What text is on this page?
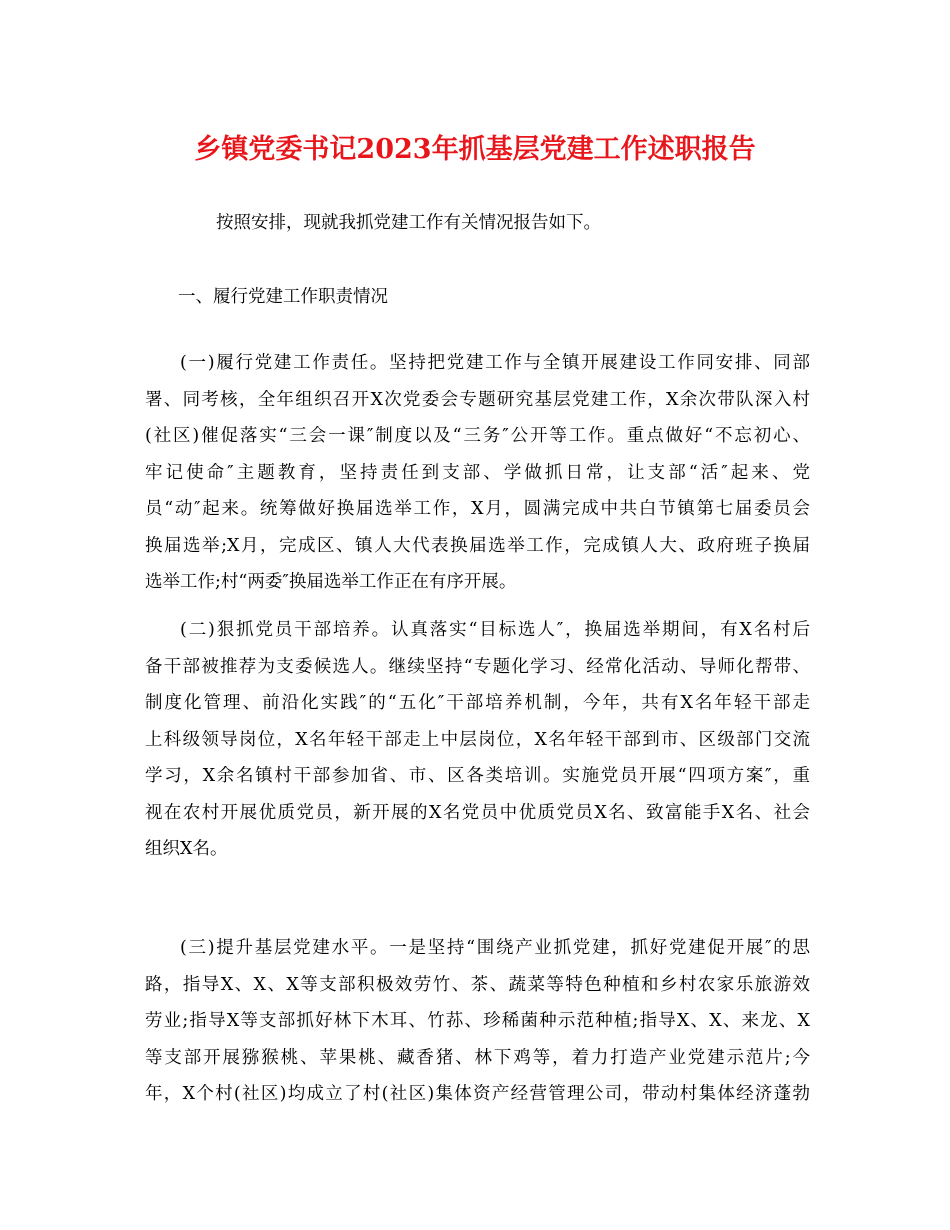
乡镇党委书记2023年抓基层党建工作述职报告

按照安排，现就我抓党建工作有关情况报告如下。

一、履行党建工作职责情况

(一)履行党建工作责任。坚持把党建工作与全镇开展建设工作同安排、同部
署、同考核，全年组织召开X次党委会专题研究基层党建工作，X余次带队深入村
(社区)催促落实“三会一课″制度以及“三务″公开等工作。重点做好“不忘初心、
牢记使命″主题教育，坚持责任到支部、学做抓日常，让支部“活″起来、党
员“动″起来。统筹做好换届选举工作，X月，圆满完成中共白节镇第七届委员会
换届选举;X月，完成区、镇人大代表换届选举工作，完成镇人大、政府班子换届
选举工作;村“两委″换届选举工作正在有序开展。
(二)狠抓党员干部培养。认真落实“目标选人″，换届选举期间，有X名村后
备干部被推荐为支委候选人。继续坚持“专题化学习、经常化活动、导师化帮带、
制度化管理、前沿化实践″的“五化″干部培养机制，今年，共有X名年轻干部走
上科级领导岗位，X名年轻干部走上中层岗位，X名年轻干部到市、区级部门交流
学习，X余名镇村干部参加省、市、区各类培训。实施党员开展“四项方案″，重
视在农村开展优质党员，新开展的X名党员中优质党员X名、致富能手X名、社会
组织X名。
(三)提升基层党建水平。一是坚持“围绕产业抓党建，抓好党建促开展″的思
路，指导X、X、X等支部积极效劳竹、茶、蔬菜等特色种植和乡村农家乐旅游效
劳业;指导X等支部抓好林下木耳、竹荪、珍稀菌种示范种植;指导X、X、来龙、X
等支部开展猕猴桃、苹果桃、藏香猪、林下鸡等，着力打造产业党建示范片;今
年，X个村(社区)均成立了村(社区)集体资产经营管理公司，带动村集体经济蓬勃
